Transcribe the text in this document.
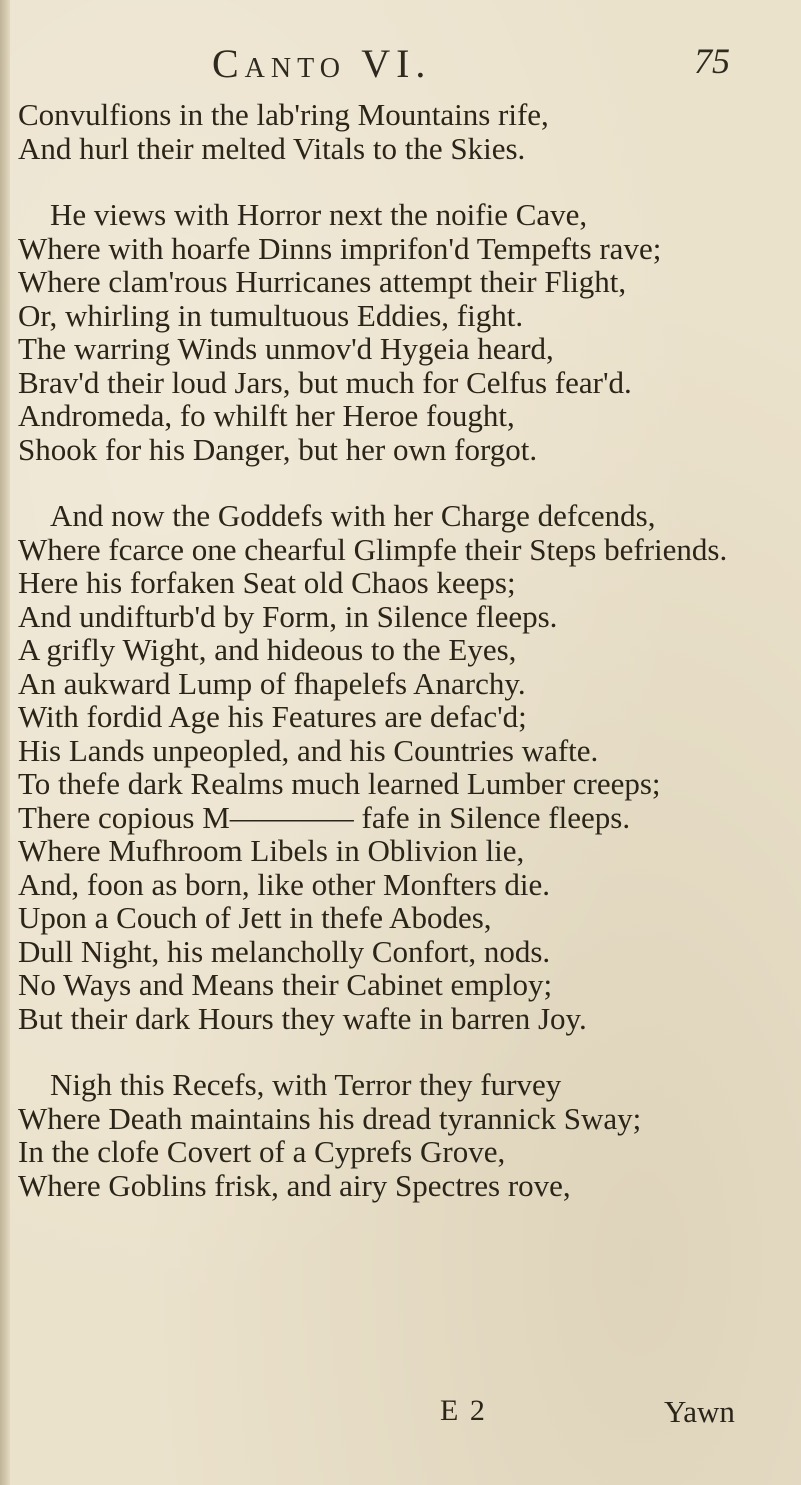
Canto VI.	75
Convulfions in the lab'ring Mountains rife,
And hurl their melted Vitals to the Skies.
He views with Horror next the noifie Cave,
Where with hoarfe Dinns imprifon'd Tempefts rave;
Where clam'rous Hurricanes attempt their Flight,
Or, whirling in tumultuous Eddies, fight.
The warring Winds unmov'd Hygeia heard,
Brav'd their loud Jars, but much for Celfus fear'd.
Andromeda, fo whilft her Heroe fought,
Shook for his Danger, but her own forgot.
And now the Goddefs with her Charge defcends,
Where fcarce one chearful Glimpfe their Steps befriends.
Here his forfaken Seat old Chaos keeps;
And undifturb'd by Form, in Silence fleeps.
A grifly Wight, and hideous to the Eyes,
An aukward Lump of fhapelefs Anarchy.
With fordid Age his Features are defac'd;
His Lands unpeopled, and his Countries wafte.
To thefe dark Realms much learned Lumber creeps;
There copious M———— fafe in Silence fleeps.
Where Mufhroom Libels in Oblivion lie,
And, foon as born, like other Monfters die.
Upon a Couch of Jett in thefe Abodes,
Dull Night, his melancholly Confort, nods.
No Ways and Means their Cabinet employ;
But their dark Hours they wafte in barren Joy.
Nigh this Recefs, with Terror they furvey
Where Death maintains his dread tyrannick Sway;
In the clofe Covert of a Cyprefs Grove,
Where Goblins frisk, and airy Spectres rove,
E 2	Yawn
